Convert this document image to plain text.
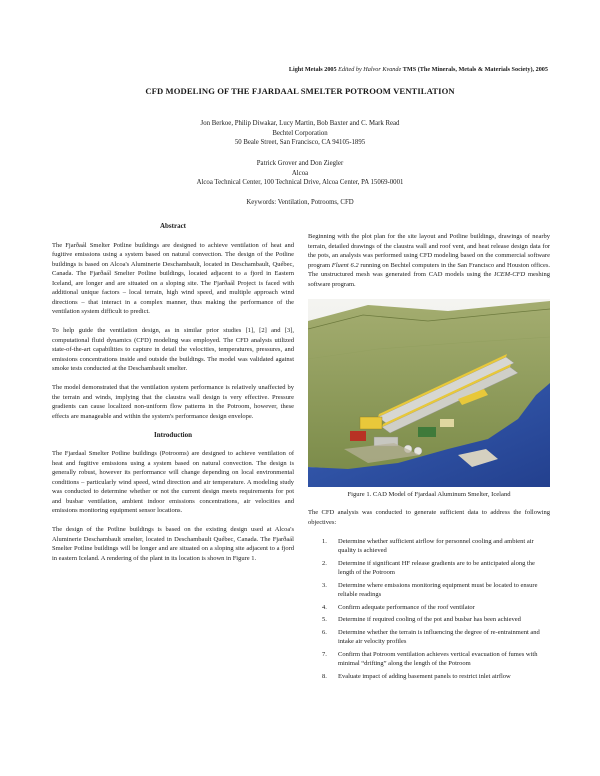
Light Metals 2005 Edited by Halvor Kvande TMS (The Minerals, Metals & Materials Society), 2005
CFD MODELING OF THE FJARDAAL SMELTER POTROOM VENTILATION
Jon Berkoe, Philip Diwakar, Lucy Martin, Bob Baxter and C. Mark Read
Bechtel Corporation
50 Beale Street, San Francisco, CA 94105-1895
Patrick Grover and Don Ziegler
Alcoa
Alcoa Technical Center, 100 Technical Drive, Alcoa Center, PA 15069-0001
Keywords: Ventilation, Potrooms, CFD
Abstract

The Fjarðaál Smelter Potline buildings are designed to achieve ventilation of heat and fugitive emissions using a system based on natural convection. The design of the Potline buildings is based on Alcoa's Aluminerie Deschambault, located in Deschambault, Québec, Canada. The Fjarðaál Smelter Potline buildings, located adjacent to a fjord in Eastern Iceland, are longer and are situated on a sloping site. The Fjarðaál Project is faced with additional unique factors – local terrain, high wind speed, and multiple approach wind directions – that interact in a complex manner, thus making the performance of the ventilation system difficult to predict.

To help guide the ventilation design, as in similar prior studies [1], [2] and [3], computational fluid dynamics (CFD) modeling was employed. The CFD analysis utilized state-of-the-art capabilities to capture in detail the velocities, temperatures, pressures, and emissions concentrations inside and outside the buildings. The model was validated against smoke tests conducted at the Deschambault smelter.

The model demonstrated that the ventilation system performance is relatively unaffected by the terrain and winds, implying that the claustra wall design is very effective. Pressure gradients can cause localized non-uniform flow patterns in the Potroom, however, these effects are manageable and within the system's performance design envelope.

Introduction

The Fjardaal Smelter Potline buildings (Potrooms) are designed to achieve ventilation of heat and fugitive emissions using a system based on natural convection. The design is generally robust, however its performance will change depending on local environmental conditions – particularly wind speed, wind direction and air temperature. A modeling study was conducted to determine whether or not the current design meets requirements for pot and busbar ventilation, ambient indoor emissions concentrations, air velocities and emissions monitoring equipment sensor locations.

The design of the Potline buildings is based on the existing design used at Alcoa's Aluminerie Deschambault smelter, located in Deschambault Québec, Canada. The Fjarðaál Smelter Potline buildings will be longer and are situated on a sloping site adjacent to a fjord in eastern Iceland. A rendering of the plant in its location is shown in Figure 1.

Beginning with the plot plan for the site layout and Potline buildings, drawings of nearby terrain, detailed drawings of the claustra wall and roof vent, and heat release design data for the pots, an analysis was performed using CFD modeling based on the commercial software program Fluent 6.2 running on Bechtel computers in the San Francisco and Houston offices. The unstructured mesh was generated from CAD models using the ICEM-CFD meshing software program.

Figure 1. CAD Model of Fjardaal Aluminum Smelter, Iceland

The CFD analysis was conducted to generate sufficient data to address the following objectives:

1.	Determine whether sufficient airflow for personnel cooling and ambient air quality is achieved
2.	Determine if significant HF release gradients are to be anticipated along the length of the Potroom
3.	Determine where emissions monitoring equipment must be located to ensure reliable readings
4.	Confirm adequate performance of the roof ventilator
5.	Determine if required cooling of the pot and busbar has been achieved
6.	Determine whether the terrain is influencing the degree of re-entrainment and intake air velocity profiles
7.	Confirm that Potroom ventilation achieves vertical evacuation of fumes with minimal “drifting” along the length of the Potroom
8.	Evaluate impact of adding basement panels to restrict inlet airflow
